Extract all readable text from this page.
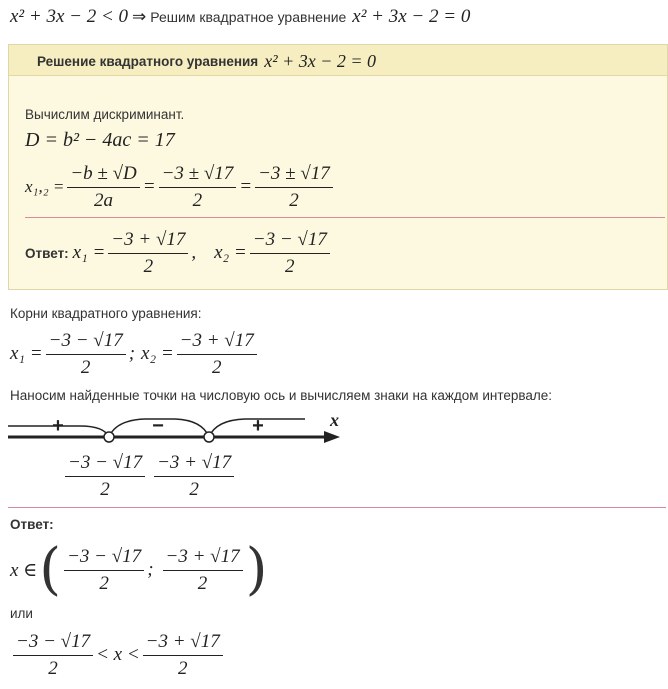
x² + 3x − 2 < 0 ⇒ Решим квадратное уравнение x² + 3x − 2 = 0
Решение квадратного уравнения x² + 3x − 2 = 0
Вычислим дискриминант.
D = b² − 4ac = 17
$x_1,_2 = \frac{-b \pm √D}{2a} = \frac{-3 \pm √17}{2} = \frac{-3 \pm √17}{2}$
Ответ: $x_1 = \frac{-3 + √17}{2}$ , $x_2 = \frac{-3 - √17}{2}$
Корни квадратного уравнения:
$x_1 = \frac{-3 - √17}{2}$ ; $x_2 = \frac{-3 + √17}{2}$
Наносим найденные точки на числовую ось и вычисляем знаки на каждом интервале:
+	−	+	x
$\frac{-3 - √17}{2} \frac{-3 + √17}{2}$
Ответ:
x ∈ ( $\frac{-3 - √17}{2}$ ; $\frac{-3 + √17}{2}$ )
или
$\frac{-3 - √17}{2} < x < \frac{-3 + √17}{2}$
